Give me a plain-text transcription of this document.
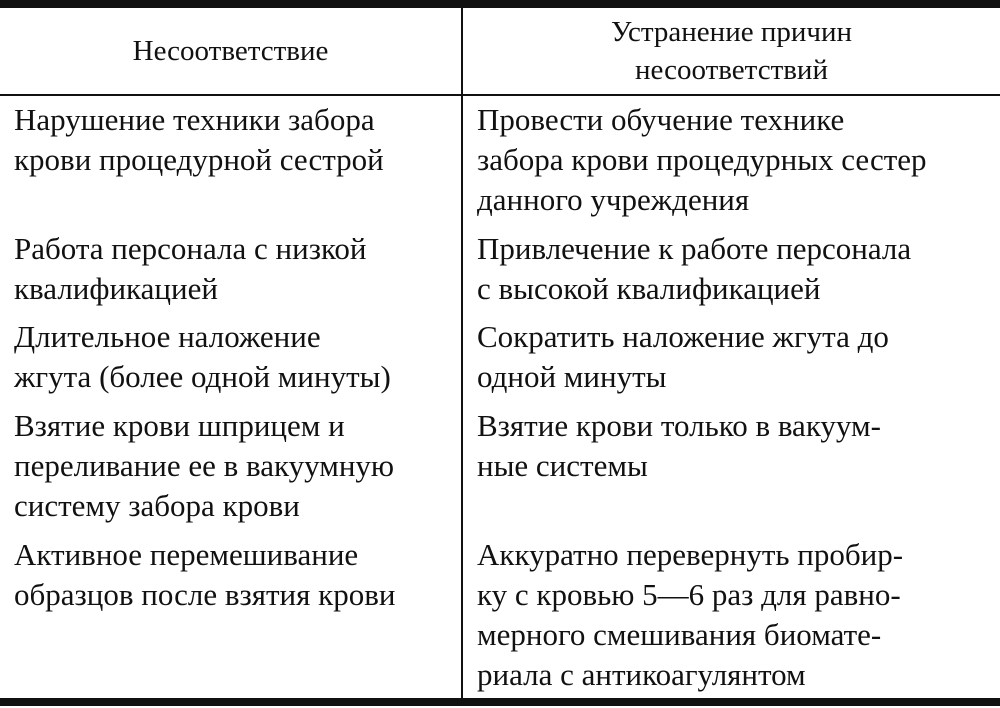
Несоответствие
Устранение причин
несоответствий
Нарушение техники забора
крови процедурной сестрой
Провести обучение технике
забора крови процедурных сестер
данного учреждения
Работа персонала с низкой
квалификацией
Привлечение к работе персонала
с высокой квалификацией
Длительное наложение
жгута (более одной минуты)
Сократить наложение жгута до
одной минуты
Взятие крови шприцем и
переливание ее в вакуумную
систему забора крови
Взятие крови только в вакуум-
ные системы
Активное перемешивание
образцов после взятия крови
Аккуратно перевернуть пробир-
ку с кровью 5—6 раз для равно-
мерного смешивания биомате-
риала с антикоагулянтом
